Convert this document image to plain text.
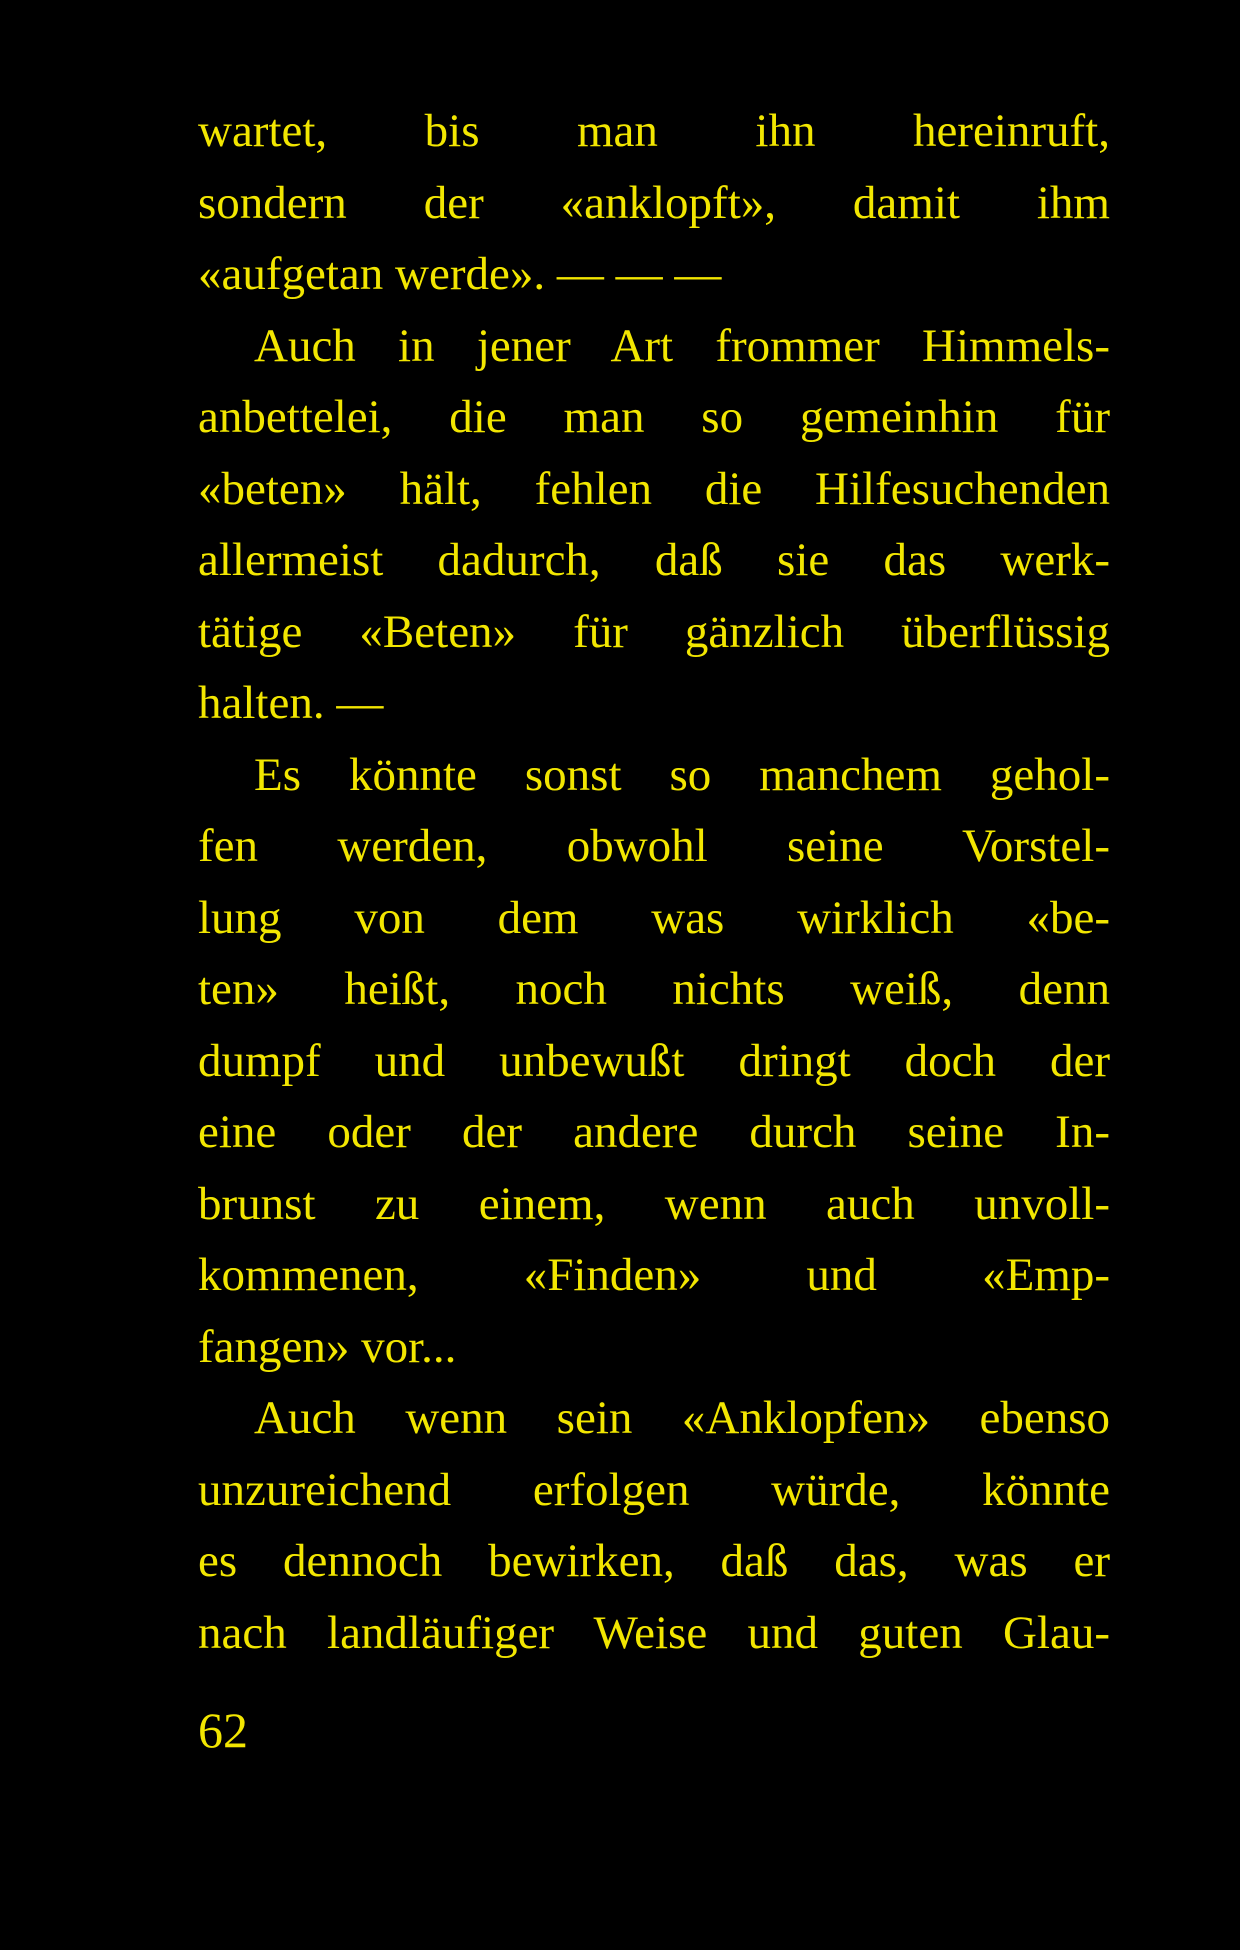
wartet, bis man ihn hereinruft,
sondern der «anklopft», damit ihm
«aufgetan werde». — — —
Auch in jener Art frommer Himmels-
anbettelei, die man so gemeinhin für
«beten» hält, fehlen die Hilfesuchenden
allermeist dadurch, daß sie das werk-
tätige «Beten» für gänzlich überflüssig
halten. —
Es könnte sonst so manchem gehol-
fen werden, obwohl seine Vorstel-
lung von dem was wirklich «be-
ten» heißt, noch nichts weiß, denn
dumpf und unbewußt dringt doch der
eine oder der andere durch seine In-
brunst zu einem, wenn auch unvoll-
kommenen, «Finden» und «Emp-
fangen» vor...
Auch wenn sein «Anklopfen» ebenso
unzureichend erfolgen würde, könnte
es dennoch bewirken, daß das, was er
nach landläufiger Weise und guten Glau-
62
